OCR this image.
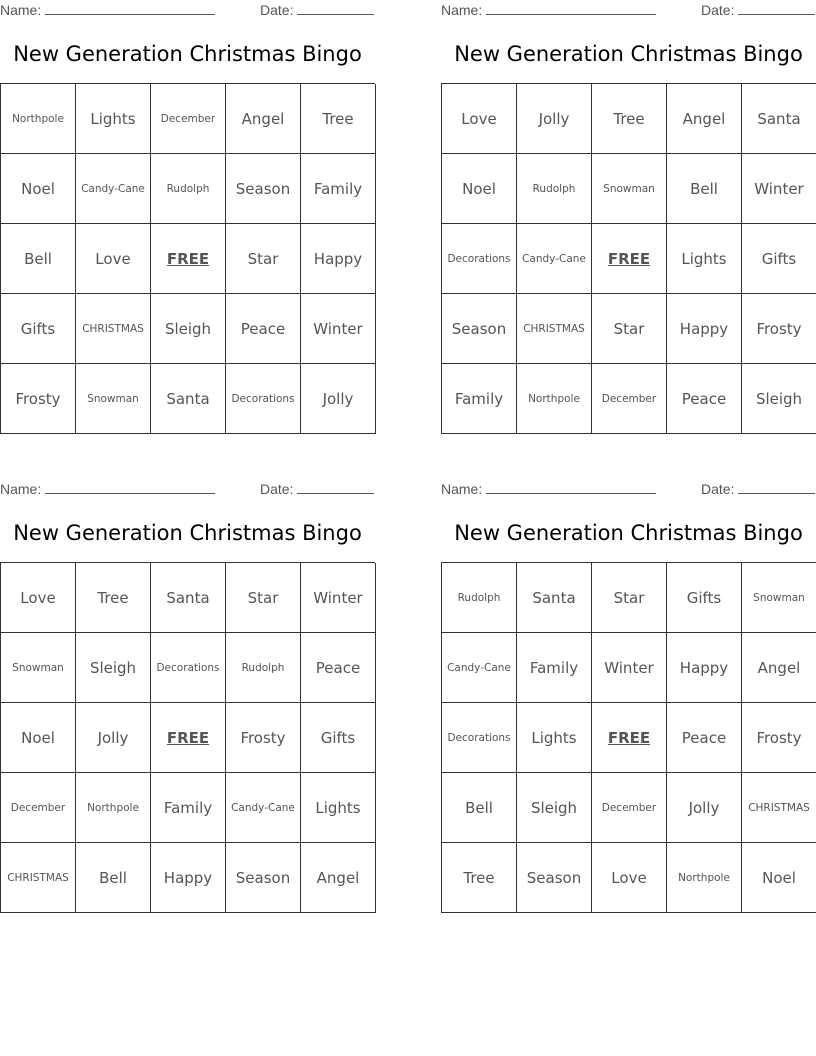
Name:	Date:
New Generation Christmas Bingo
Northpole	Lights	December	Angel	Tree
Noel	Candy-Cane	Rudolph	Season	Family
Bell	Love	FREE	Star	Happy
Gifts	CHRISTMAS	Sleigh	Peace	Winter
Frosty	Snowman	Santa	Decorations	Jolly
Name:	Date:
New Generation Christmas Bingo
Love	Jolly	Tree	Angel	Santa
Noel	Rudolph	Snowman	Bell	Winter
Decorations	Candy-Cane	FREE	Lights	Gifts
Season	CHRISTMAS	Star	Happy	Frosty
Family	Northpole	December	Peace	Sleigh
Name:	Date:
New Generation Christmas Bingo
Love	Tree	Santa	Star	Winter
Snowman	Sleigh	Decorations	Rudolph	Peace
Noel	Jolly	FREE	Frosty	Gifts
December	Northpole	Family	Candy-Cane	Lights
CHRISTMAS	Bell	Happy	Season	Angel
Name:	Date:
New Generation Christmas Bingo
Rudolph	Santa	Star	Gifts	Snowman
Candy-Cane	Family	Winter	Happy	Angel
Decorations	Lights	FREE	Peace	Frosty
Bell	Sleigh	December	Jolly	CHRISTMAS
Tree	Season	Love	Northpole	Noel
